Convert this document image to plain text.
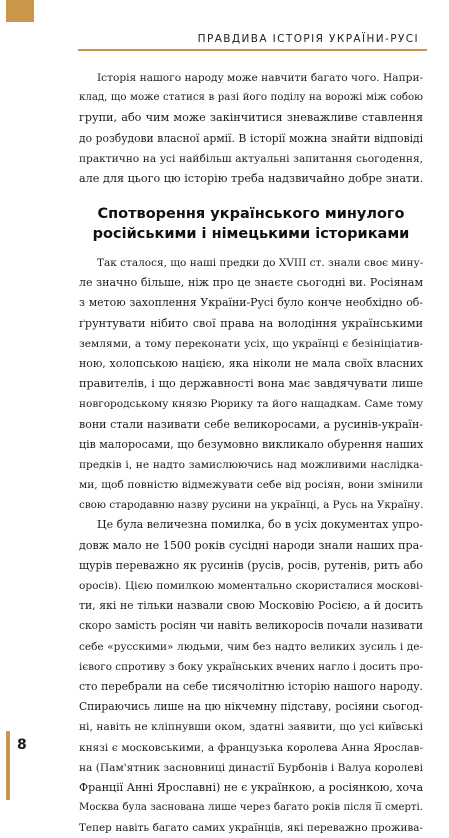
ПРАВДИВА ІСТОРІЯ УКРАЇНИ-РУСІ
Історія нашого народу може навчити багато чого. Напри-
клад, що може статися в разі його поділу на ворожі між собою
групи, або чим може закінчитися зневажливе ставлення
до розбудови власної армії. В історії можна знайти відповіді
практично на усі найбільш актуальні запитання сьогодення,
але для цього цю історію треба надзвичайно добре знати.
Спотворення українського минулого
російськими і німецькими істориками
Так сталося, що наші предки до XVIII ст. знали своє мину-
ле значно більше, ніж про це знаєте сьогодні ви. Росіянам
з метою захоплення України-Русі було конче необхідно об-
ґрунтувати нібито свої права на володіння українськими
землями, а тому переконати усіх, що українці є безініціатив-
ною, холопською нацією, яка ніколи не мала своїх власних
правителів, і що державності вона має завдячувати лише
новгородському князю Рюрику та його нащадкам. Саме тому
вони стали називати себе великоросами, а русинів-україн-
ців малоросами, що безумовно викликало обурення наших
предків і, не надто замислюючись над можливими наслідка-
ми, щоб повністю відмежувати себе від росіян, вони змінили
свою стародавню назву русини на українці, а Русь на Україну.
Це була величезна помилка, бо в усіх документах упро-
довж мало не 1500 років сусідні народи знали наших пра-
щурів переважно як русинів (русів, росів, рутенів, рить або
оросів). Цією помилкою моментально скористалися москові-
ти, які не тільки назвали свою Московію Росією, а й досить
скоро замість росіян чи навіть великоросів почали називати
себе «русскими» людьми, чим без надто великих зусиль і де-
ієвого спротиву з боку українських вчених нагло і досить про-
сто перебрали на себе тисячолітню історію нашого народу.
Спираючись лише на цю нікчемну підставу, росіяни сьогод-
ні, навіть не кліпнувши оком, здатні заявити, що усі київські
князі є московськими, а французька королева Анна Ярослав-
на (Пам'ятник засновниці династії Бурбонів і Валуа королеві
Франції Анні Ярославні) не є українкою, а росіянкою, хоча
Москва була заснована лише через багато років після її смерті.
Тепер навіть багато самих українців, які переважно прожива-
8
